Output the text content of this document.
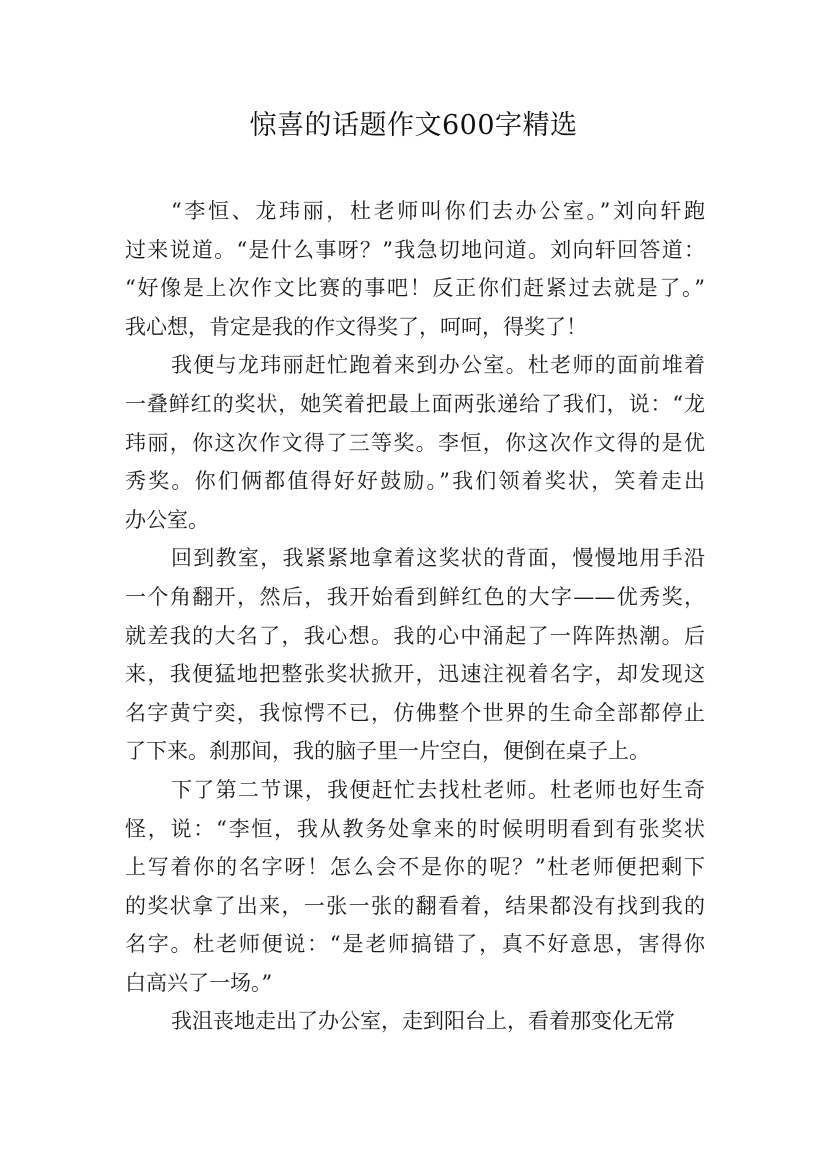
惊喜的话题作文600字精选
“李恒、龙玮丽，杜老师叫你们去办公室。”刘向轩跑
过来说道。“是什么事呀？”我急切地问道。刘向轩回答道：
“好像是上次作文比赛的事吧！反正你们赶紧过去就是了。”
我心想，肯定是我的作文得奖了，呵呵，得奖了！
我便与龙玮丽赶忙跑着来到办公室。杜老师的面前堆着
一叠鲜红的奖状，她笑着把最上面两张递给了我们，说：“龙
玮丽，你这次作文得了三等奖。李恒，你这次作文得的是优
秀奖。你们俩都值得好好鼓励。”我们领着奖状，笑着走出
办公室。
回到教室，我紧紧地拿着这奖状的背面，慢慢地用手沿
一个角翻开，然后，我开始看到鲜红色的大字——优秀奖，
就差我的大名了，我心想。我的心中涌起了一阵阵热潮。后
来，我便猛地把整张奖状掀开，迅速注视着名字，却发现这
名字黄宁奕，我惊愕不已，仿佛整个世界的生命全部都停止
了下来。刹那间，我的脑子里一片空白，便倒在桌子上。
下了第二节课，我便赶忙去找杜老师。杜老师也好生奇
怪，说：“李恒，我从教务处拿来的时候明明看到有张奖状
上写着你的名字呀！怎么会不是你的呢？”杜老师便把剩下
的奖状拿了出来，一张一张的翻看着，结果都没有找到我的
名字。杜老师便说：“是老师搞错了，真不好意思，害得你
白高兴了一场。”
我沮丧地走出了办公室，走到阳台上，看着那变化无常
